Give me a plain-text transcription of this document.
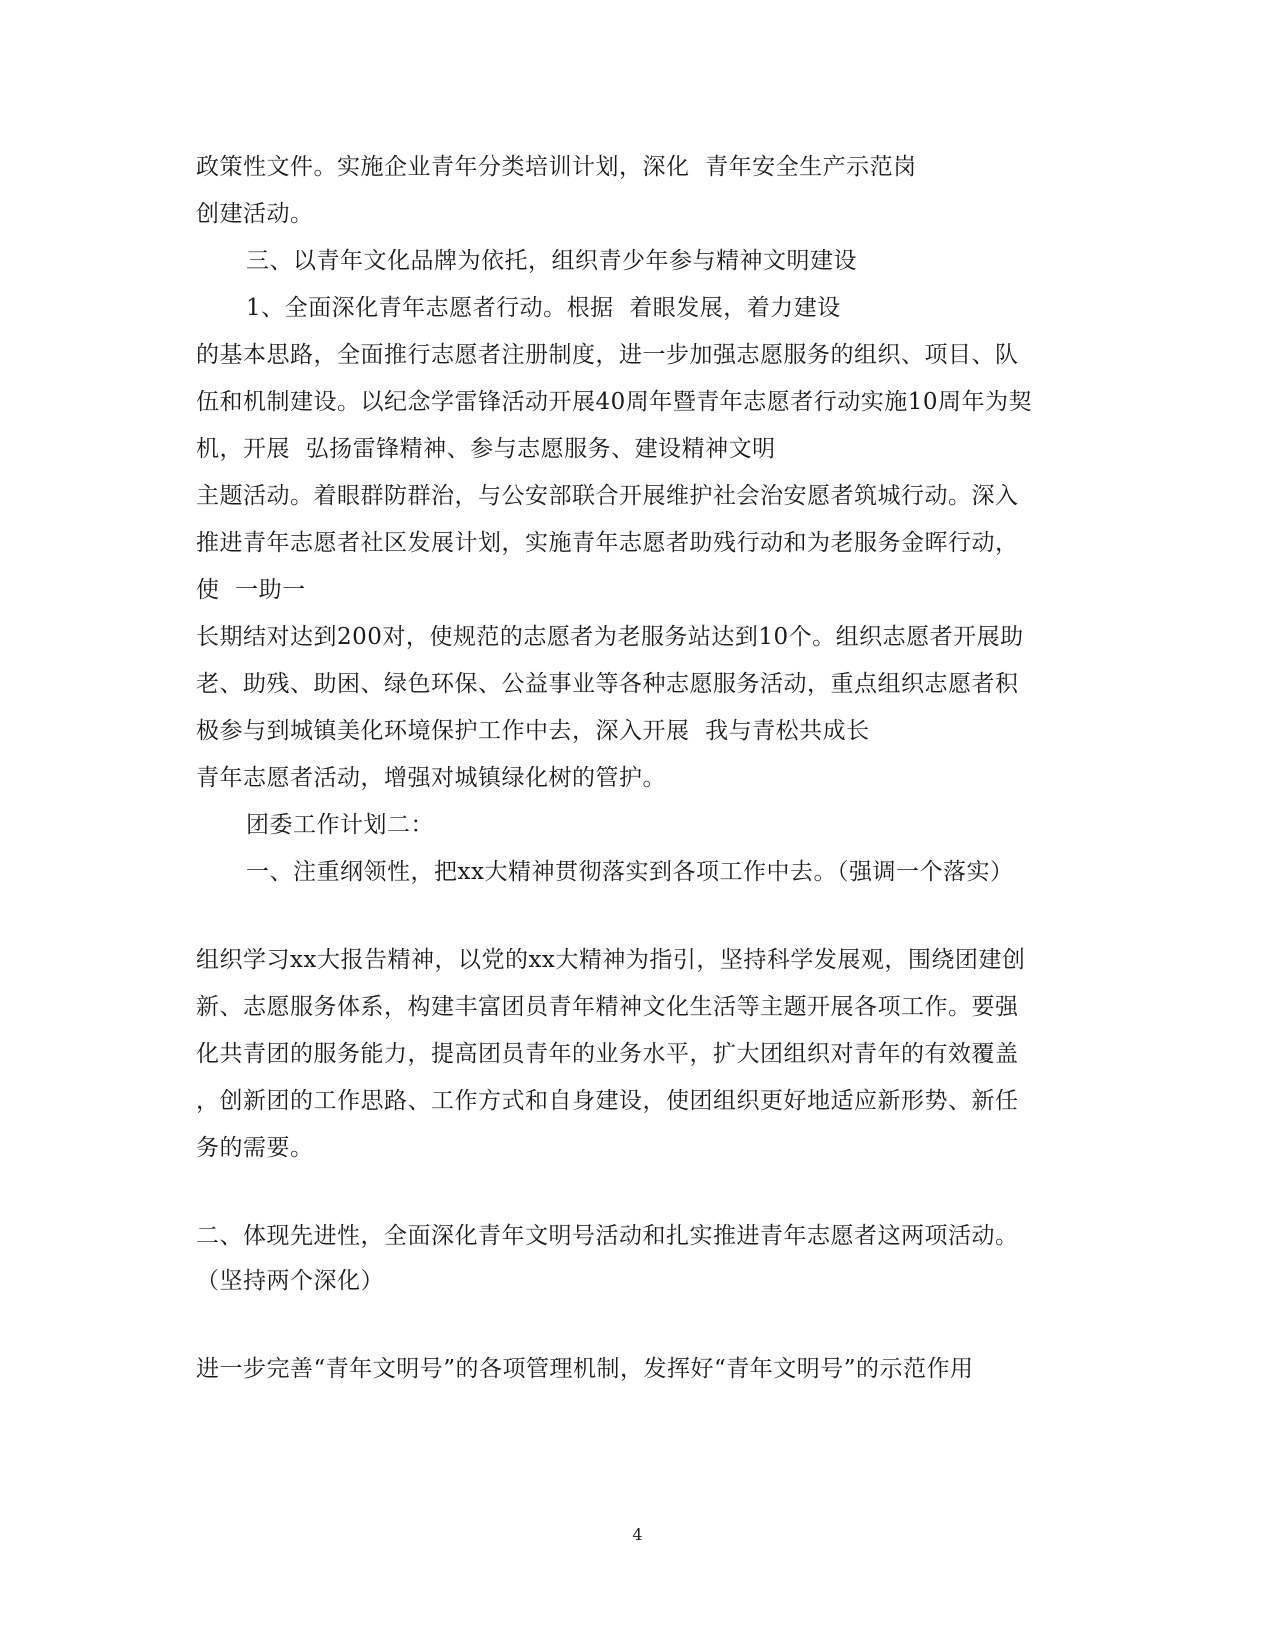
政策性文件。实施企业青年分类培训计划，深化  青年安全生产示范岗
创建活动。
三、以青年文化品牌为依托，组织青少年参与精神文明建设
1、全面深化青年志愿者行动。根据  着眼发展，着力建设
的基本思路，全面推行志愿者注册制度，进一步加强志愿服务的组织、项目、队
伍和机制建设。以纪念学雷锋活动开展40周年暨青年志愿者行动实施10周年为契
机，开展  弘扬雷锋精神、参与志愿服务、建设精神文明
主题活动。着眼群防群治，与公安部联合开展维护社会治安愿者筑城行动。深入
推进青年志愿者社区发展计划，实施青年志愿者助残行动和为老服务金晖行动，
使  一助一
长期结对达到200对，使规范的志愿者为老服务站达到10个。组织志愿者开展助
老、助残、助困、绿色环保、公益事业等各种志愿服务活动，重点组织志愿者积
极参与到城镇美化环境保护工作中去，深入开展  我与青松共成长
青年志愿者活动，增强对城镇绿化树的管护。
团委工作计划二：
一、注重纲领性，把xx大精神贯彻落实到各项工作中去。（强调一个落实）
组织学习xx大报告精神，以党的xx大精神为指引，坚持科学发展观，围绕团建创
新、志愿服务体系，构建丰富团员青年精神文化生活等主题开展各项工作。要强
化共青团的服务能力，提高团员青年的业务水平，扩大团组织对青年的有效覆盖
，创新团的工作思路、工作方式和自身建设，使团组织更好地适应新形势、新任
务的需要。
二、体现先进性，全面深化青年文明号活动和扎实推进青年志愿者这两项活动。
（坚持两个深化）
进一步完善“青年文明号”的各项管理机制，发挥好“青年文明号”的示范作用
4
